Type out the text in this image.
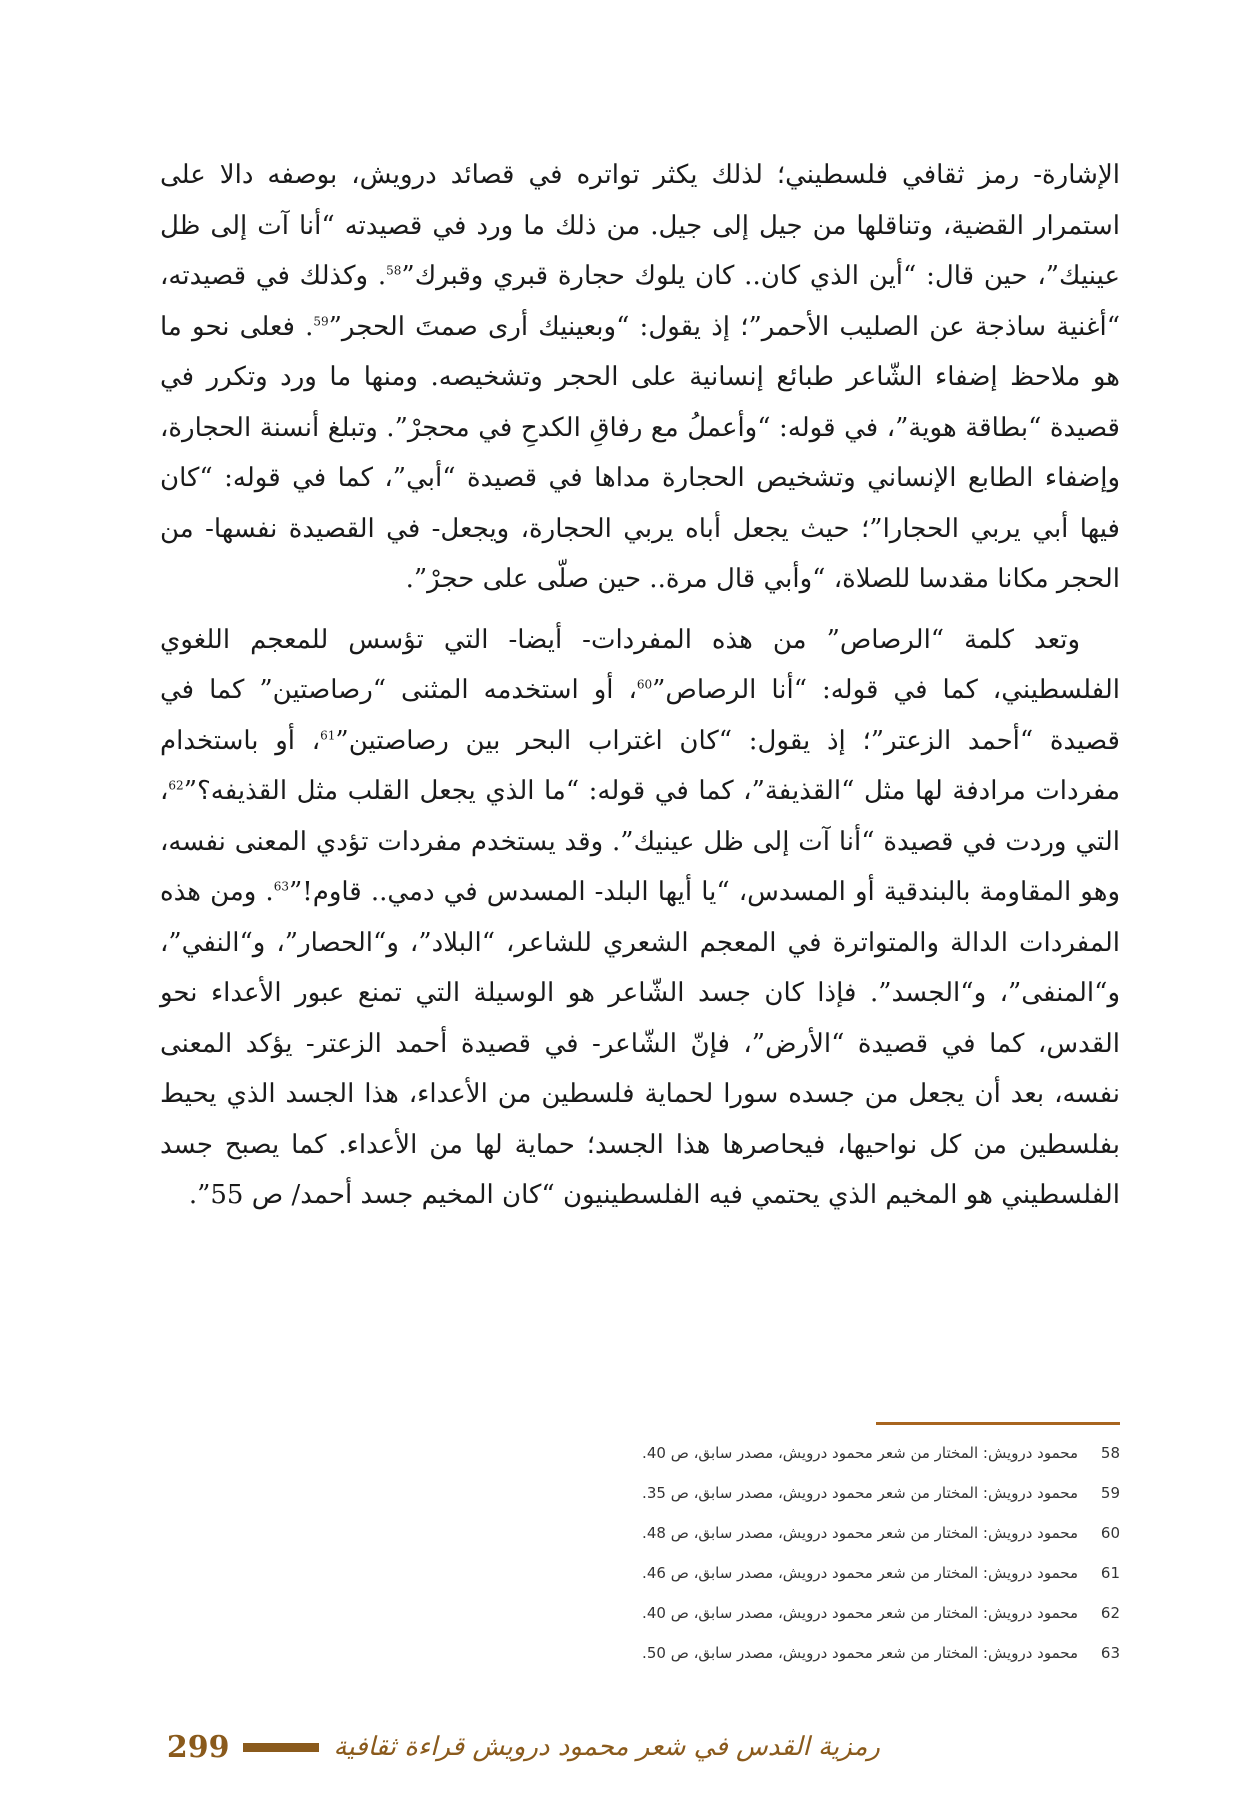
الإشارة- رمز ثقافي فلسطيني؛ لذلك يكثر تواتره في قصائد درويش، بوصفه دالا على استمرار القضية، وتناقلها من جيل إلى جيل. من ذلك ما ورد في قصيدته “أنا آت إلى ظل عينيك”، حين قال: “أين الذي كان.. كان يلوك حجارة قبري وقبرك”$^{58}$. وكذلك في قصيدته، “أغنية ساذجة عن الصليب الأحمر”؛ إذ يقول: “وبعينيك أرى صمتَ الحجر”$^{59}$. فعلى نحو ما هو ملاحظ إضفاء الشّاعر طبائع إنسانية على الحجر وتشخيصه. ومنها ما ورد وتكرر في قصيدة “بطاقة هوية”، في قوله: “وأعملُ مع رفاقِ الكدحِ في محجرْ”. وتبلغ أنسنة الحجارة، وإضفاء الطابع الإنساني وتشخيص الحجارة مداها في قصيدة “أبي”، كما في قوله: “كان فيها أبي يربي الحجارا”؛ حيث يجعل أباه يربي الحجارة، ويجعل- في القصيدة نفسها- من الحجر مكانا مقدسا للصلاة، “وأبي قال مرة.. حين صلّى على حجرْ”.

وتعد كلمة “الرصاص” من هذه المفردات- أيضا- التي تؤسس للمعجم اللغوي الفلسطيني، كما في قوله: “أنا الرصاص”$^{60}$، أو استخدمه المثنى “رصاصتين” كما في قصيدة “أحمد الزعتر”؛ إذ يقول: “كان اغتراب البحر بين رصاصتين”$^{61}$، أو باستخدام مفردات مرادفة لها مثل “القذيفة”، كما في قوله: “ما الذي يجعل القلب مثل القذيفه؟”$^{62}$، التي وردت في قصيدة “أنا آت إلى ظل عينيك”. وقد يستخدم مفردات تؤدي المعنى نفسه، وهو المقاومة بالبندقية أو المسدس، “يا أيها البلد- المسدس في دمي.. قاوم!”$^{63}$. ومن هذه المفردات الدالة والمتواترة في المعجم الشعري للشاعر، “البلاد”، و“الحصار”، و“النفي”، و“المنفى”، و“الجسد”. فإذا كان جسد الشّاعر هو الوسيلة التي تمنع عبور الأعداء نحو القدس، كما في قصيدة “الأرض”، فإنّ الشّاعر- في قصيدة أحمد الزعتر- يؤكد المعنى نفسه، بعد أن يجعل من جسده سورا لحماية فلسطين من الأعداء، هذا الجسد الذي يحيط بفلسطين من كل نواحيها، فيحاصرها هذا الجسد؛ حماية لها من الأعداء. كما يصبح جسد الفلسطيني هو المخيم الذي يحتمي فيه الفلسطينيون “كان المخيم جسد أحمد/ ص 55”.

58
محمود درويش: المختار من شعر محمود درويش، مصدر سابق، ص 40.
59
محمود درويش: المختار من شعر محمود درويش، مصدر سابق، ص 35.
60
محمود درويش: المختار من شعر محمود درويش، مصدر سابق، ص 48.
61
محمود درويش: المختار من شعر محمود درويش، مصدر سابق، ص 46.
62
محمود درويش: المختار من شعر محمود درويش، مصدر سابق، ص 40.
63
محمود درويش: المختار من شعر محمود درويش، مصدر سابق، ص 50.
299	رمزية القدس في شعر محمود درويش قراءة ثقافية
